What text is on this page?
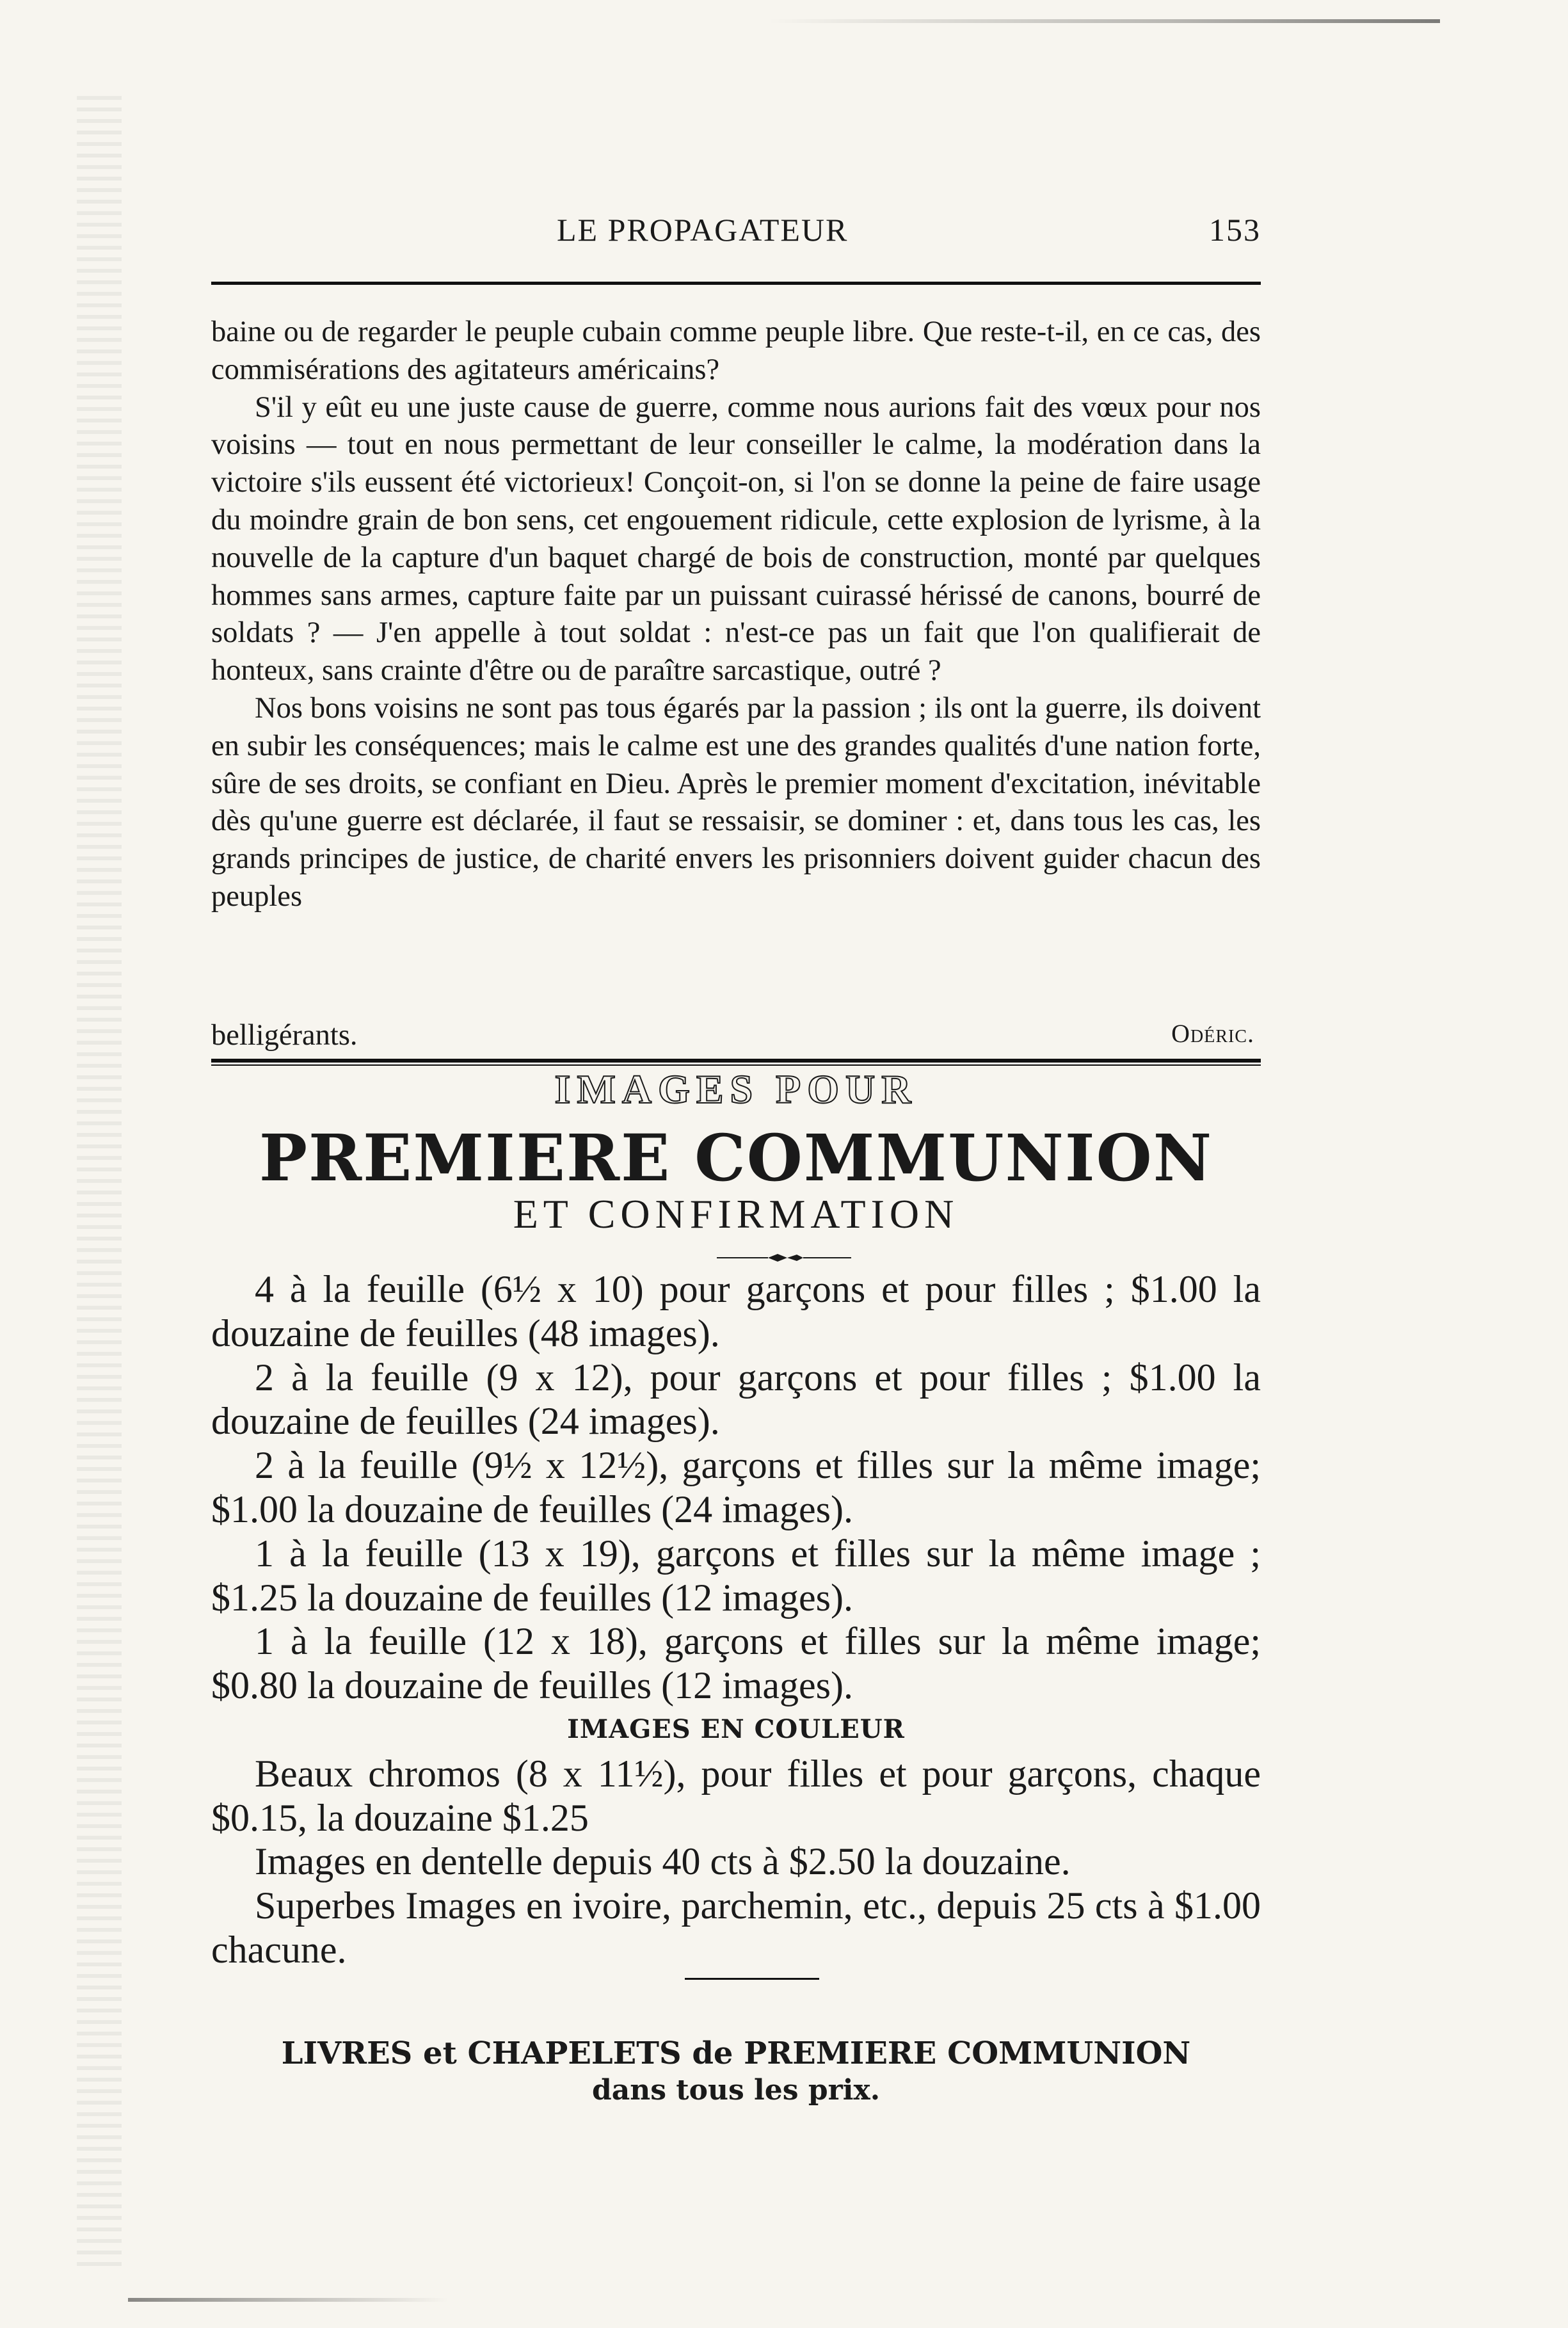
LE PROPAGATEUR	153

baine ou de regarder le peuple cubain comme peuple libre. Que reste-t-il, en ce cas, des commisérations des agitateurs américains?

S'il y eût eu une juste cause de guerre, comme nous aurions fait des vœux pour nos voisins — tout en nous permettant de leur conseiller le calme, la modération dans la victoire s'ils eussent été victorieux! Conçoit-on, si l'on se donne la peine de faire usage du moindre grain de bon sens, cet engouement ridicule, cette explosion de lyrisme, à la nouvelle de la capture d'un baquet chargé de bois de construction, monté par quelques hommes sans armes, capture faite par un puissant cuirassé hérissé de canons, bourré de soldats ? — J'en appelle à tout soldat : n'est-ce pas un fait que l'on qualifierait de honteux, sans crainte d'être ou de paraître sarcastique, outré ?

Nos bons voisins ne sont pas tous égarés par la passion ; ils ont la guerre, ils doivent en subir les conséquences; mais le calme est une des grandes qualités d'une nation forte, sûre de ses droits, se confiant en Dieu. Après le premier moment d'excitation, inévitable dès qu'une guerre est déclarée, il faut se ressaisir, se dominer : et, dans tous les cas, les grands principes de justice, de charité envers les prisonniers doivent guider chacun des peuples

belligérants.	Odéric.
IMAGES POUR
PREMIERE COMMUNION
ET CONFIRMATION

4 à la feuille (6½ x 10) pour garçons et pour filles ; $1.00 la douzaine de feuilles (48 images).

2 à la feuille (9 x 12), pour garçons et pour filles ; $1.00 la douzaine de feuilles (24 images).

2 à la feuille (9½ x 12½), garçons et filles sur la même image; $1.00 la douzaine de feuilles (24 images).

1 à la feuille (13 x 19), garçons et filles sur la même image ; $1.25 la douzaine de feuilles (12 images).

1 à la feuille (12 x 18), garçons et filles sur la même image; $0.80 la douzaine de feuilles (12 images).

IMAGES EN COULEUR

Beaux chromos (8 x 11½), pour filles et pour garçons, chaque $0.15, la douzaine $1.25

Images en dentelle depuis 40 cts à $2.50 la douzaine.

Superbes Images en ivoire, parchemin, etc., depuis 25 cts à $1.00 chacune.

LIVRES et CHAPELETS de PREMIERE COMMUNION
dans tous les prix.
